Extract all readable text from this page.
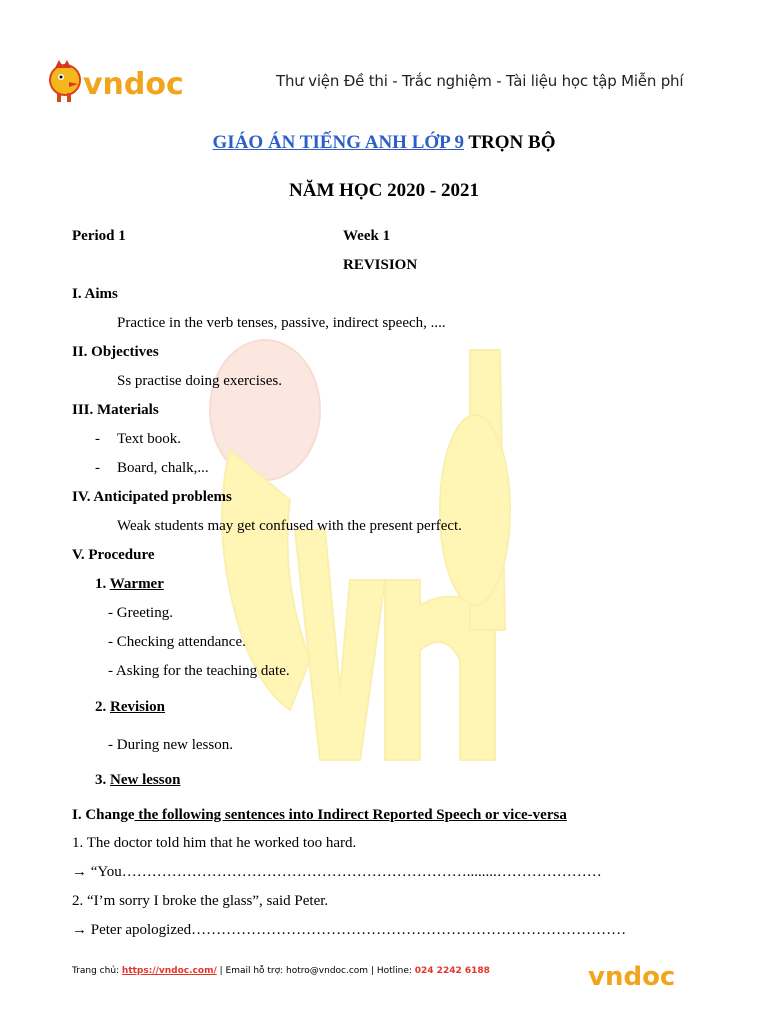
vndoc	Thư viện Đề thi - Trắc nghiệm - Tài liệu học tập Miễn phí
GIÁO ÁN TIẾNG ANH LỚP 9 TRỌN BỘ
NĂM HỌC 2020 - 2021
Period 1	Week 1
REVISION
I. Aims
Practice in the verb tenses, passive, indirect speech, ....
II. Objectives
Ss practise doing exercises.
III. Materials
- Text book.
- Board, chalk,...
IV. Anticipated problems
Weak students may get confused with the present perfect.
V. Procedure
1. Warmer
- Greeting.
- Checking attendance.
- Asking for the teaching date.
2. Revision
- During new lesson.
3. New lesson
I. Change the following sentences into Indirect Reported Speech or vice-versa
1. The doctor told him that he worked too hard.
→ “You……………………………………………………………........…………………
2. “I’m sorry I broke the glass”, said Peter.
→ Peter apologized……………………………………………………………………………
Trang chủ: https://vndoc.com/ | Email hỗ trợ: hotro@vndoc.com | Hotline: 024 2242 6188	vndoc
